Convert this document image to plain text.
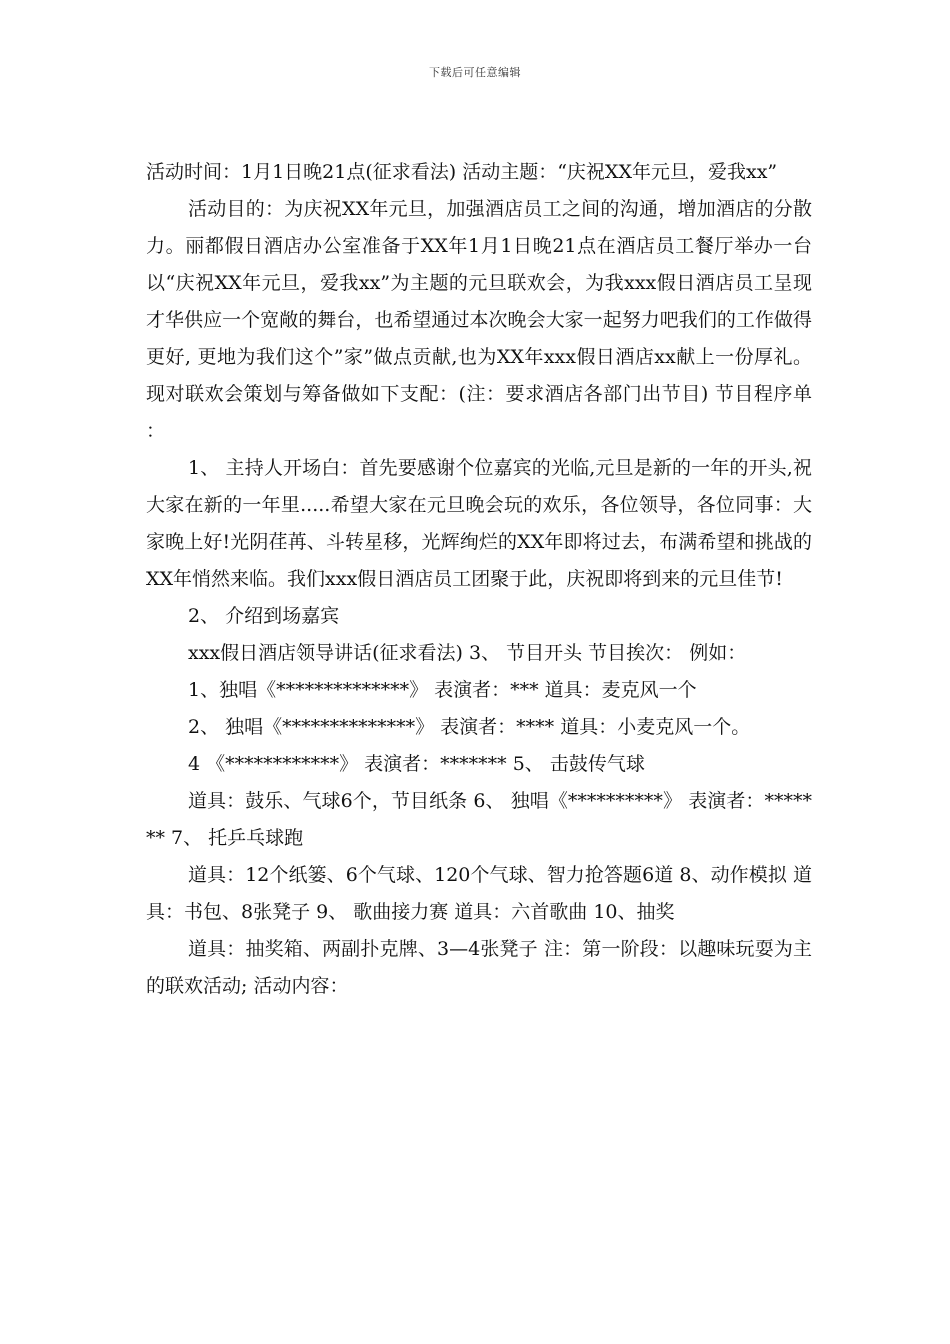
下载后可任意编辑

活动时间：1月1日晚21点(征求看法) 活动主题：“庆祝XX年元旦，爱我xx”

活动目的：为庆祝XX年元旦，加强酒店员工之间的沟通，增加酒店的分散力。丽都假日酒店办公室准备于XX年1月1日晚21点在酒店员工餐厅举办一台以“庆祝XX年元旦，爱我xx”为主题的元旦联欢会，为我xxx假日酒店员工呈现才华供应一个宽敞的舞台，也希望通过本次晚会大家一起努力吧我们的工作做得更好, 更地为我们这个”家”做点贡献,也为XX年xxx假日酒店xx献上一份厚礼。现对联欢会策划与筹备做如下支配：(注：要求酒店各部门出节目) 节目程序单 ：

1、 主持人开场白：首先要感谢个位嘉宾的光临,元旦是新的一年的开头,祝大家在新的一年里.....希望大家在元旦晚会玩的欢乐，各位领导，各位同事：大家晚上好!光阴荏苒、斗转星移，光辉绚烂的XX年即将过去，布满希望和挑战的XX年悄然来临。我们xxx假日酒店员工团聚于此，庆祝即将到来的元旦佳节!

2、 介绍到场嘉宾

xxx假日酒店领导讲话(征求看法) 3、 节目开头 节目挨次： 例如：

1、独唱《**************》 表演者：*** 道具：麦克风一个

2、 独唱《**************》 表演者：**** 道具：小麦克风一个。

4 《************》 表演者：******* 5、 击鼓传气球

道具：鼓乐、气球6个，节目纸条 6、 独唱《**********》 表演者：******* 7、 托乒乓球跑

道具：12个纸篓、6个气球、120个气球、智力抢答题6道 8、动作模拟 道具：书包、8张凳子 9、 歌曲接力赛 道具：六首歌曲 10、抽奖

道具：抽奖箱、两副扑克牌、3—4张凳子 注：第一阶段：以趣味玩耍为主的联欢活动; 活动内容：
